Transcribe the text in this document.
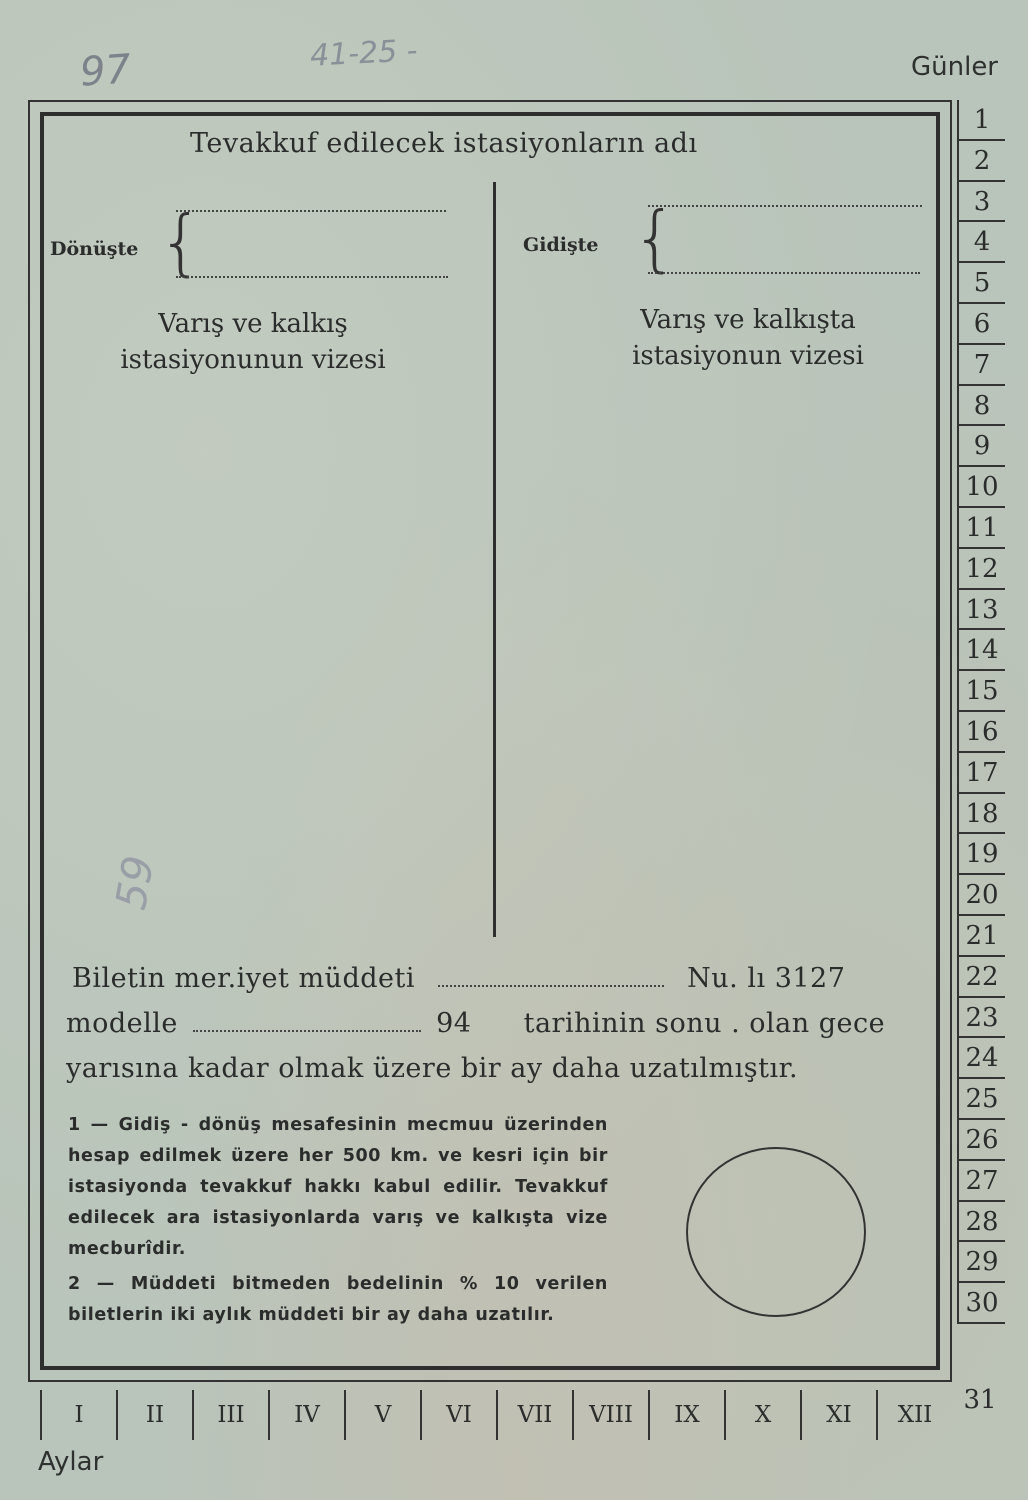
97	41-25 -
59
Günler
Tevakkuf edilecek istasiyonların adı
Dönüşte {
Varış ve kalkış
istasiyonunun vizesi
Gidişte {
Varış ve kalkışta
istasiyonun vizesi
Biletin mer.iyet müddeti	Nu. lı 3127
modelle	94 tarihinin sonu . olan gece
yarısına kadar olmak üzere bir ay daha uzatılmıştır.

1 — Gidiş - dönüş mesafesinin mecmuu üzerinden hesap edilmek üzere her 500 km. ve kesri için bir istasiyonda tevakkuf hakkı kabul edilir. Tevakkuf edilecek ara istasiyonlarda varış ve kalkışta vize mecburîdir.

2 — Müddeti bitmeden bedelinin % 10 verilen biletlerin iki aylık müddeti bir ay daha uzatılır.

1
2
3
4
5
6
7
8
9
10
11
12
13
14
15
16
17
18
19
20
21
22
23
24
25
26
27
28
29
30
31
I	II	III	IV	V	VI	VII	VIII	IX	X	XI	XII
Aylar
